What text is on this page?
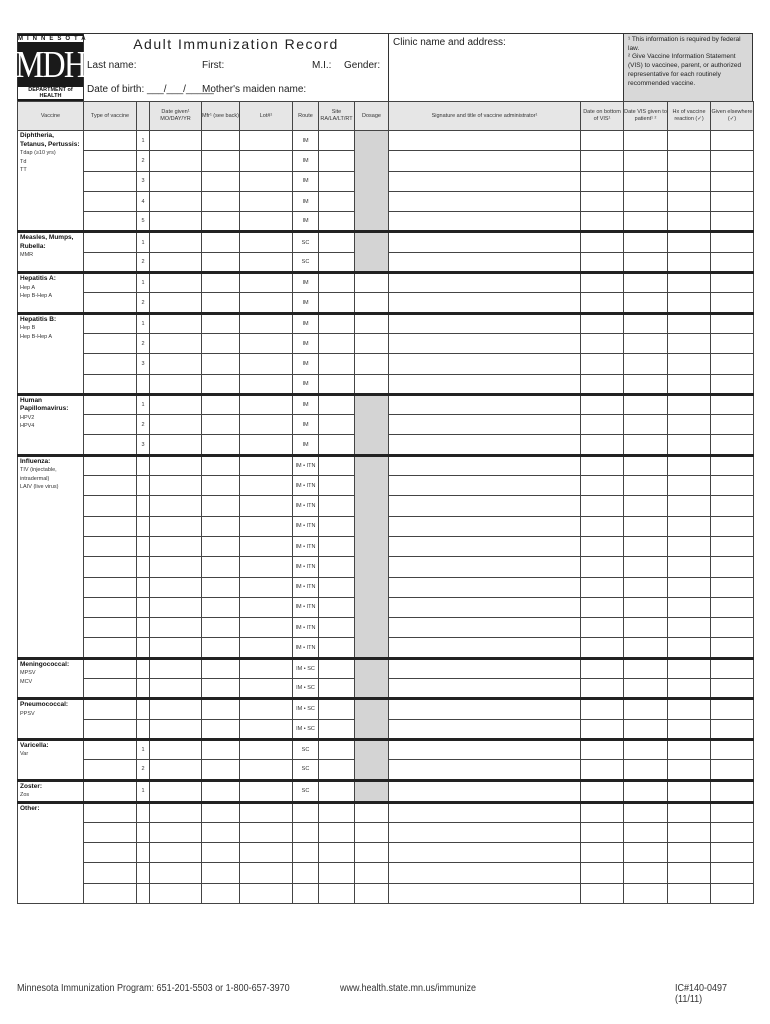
MINNESOTA
MDH
DEPARTMENT of HEALTH
Adult Immunization Record
Last name:	First:	M.I.: Gender:
Date of birth: ___/___/_____
Mother's maiden name:
Clinic name and address:	¹ This information is required by federal law.
² Give Vaccine Information Statement (VIS) to vaccinee, parent, or authorized representative for each routinely recommended vaccine.
Vaccine	Type of vaccine		Date given¹ MO/DAY/YR	Mfr¹ (see back)	Lot#¹	Route	Site RA/LA/LT/RT	Dosage	Signature and title of vaccine administrator¹	Date on bottom of VIS¹	Date VIS given to patient¹ ²	Hx of vaccine reaction (✓)	Given elsewhere (✓)

Diphtheria, Tetanus, Pertussis:
Tdap (≥10 yrs)
Td
TT		1				IM							
		2				IM							
		3				IM							
		4				IM							
		5				IM							

Measles, Mumps, Rubella:
MMR		1				SC							
		2				SC							

Hepatitis A:
Hep A
Hep B-Hep A		1				IM							
		2				IM							

Hepatitis B:
Hep B
Hep B-Hep A		1				IM							
		2				IM							
		3				IM							
						IM							

Human Papillomavirus:
HPV2
HPV4		1				IM							
		2				IM							
		3				IM							

Influenza:
TIV (injectable, intradermal)
LAIV (live virus)						IM • ITN							
						IM • ITN							
						IM • ITN							
						IM • ITN							
						IM • ITN							
						IM • ITN							
						IM • ITN							
						IM • ITN							
						IM • ITN							
						IM • ITN							

Meningococcal:
MPSV
MCV						IM • SC							
						IM • SC							

Pneumococcal:
PPSV						IM • SC							
						IM • SC							

Varicella:
Var		1				SC							
		2				SC							

Zoster:
Zos		1				SC							

Other:													

Minnesota Immunization Program: 651-201-5503 or 1-800-657-3970	www.health.state.mn.us/immunize	IC#140-0497 (11/11)
